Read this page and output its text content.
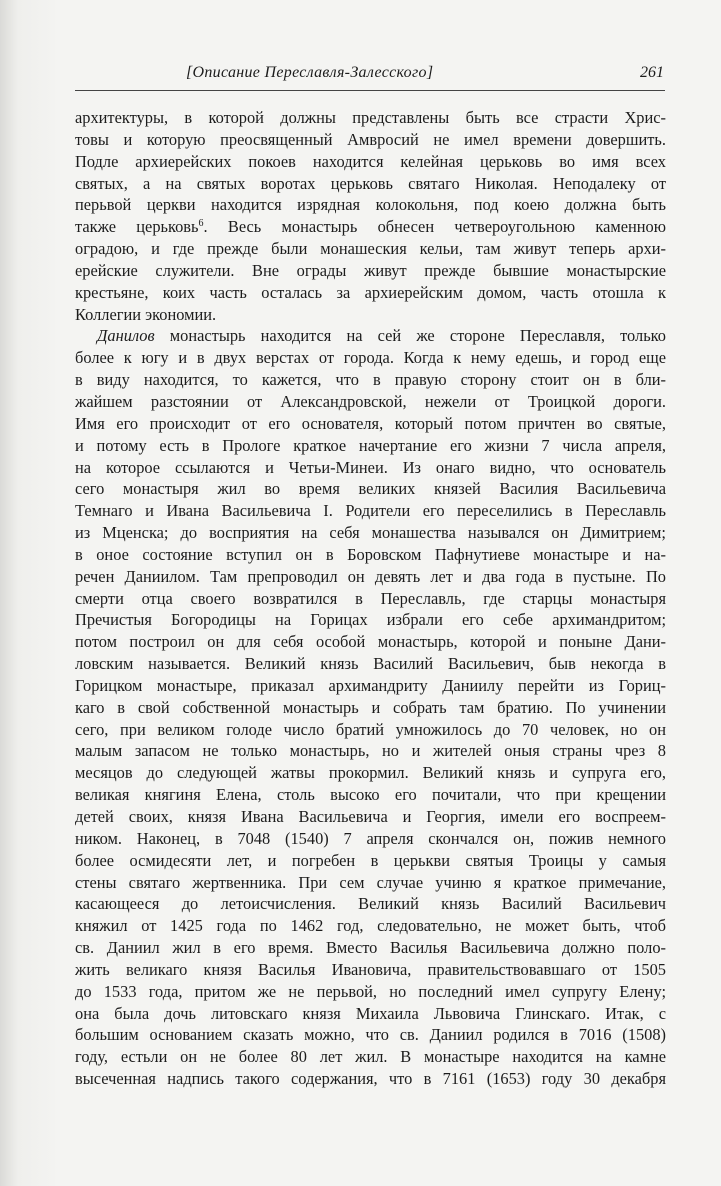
[Описание Переславля-Залесского]	261
архитектуры, в которой должны представлены быть все страсти Хрис-
товы и которую преосвященный Амвросий не имел времени довершить.
Подле архиерейских покоев находится келейная церьковь во имя всех
святых, а на святых воротах церьковь святаго Николая. Неподалеку от
перьвой церкви находится изрядная колокольня, под коею должна быть
также церьковь$^6$. Весь монастырь обнесен четвероугольною каменною
оградою, и где прежде были монашеския кельи, там живут теперь архи-
ерейские служители. Вне ограды живут прежде бывшие монастырские
крестьяне, коих часть осталась за архиерейским домом, часть отошла к
Коллегии экономии.
Данилов монастырь находится на сей же стороне Переславля, только
более к югу и в двух верстах от города. Когда к нему едешь, и город еще
в виду находится, то кажется, что в правую сторону стоит он в бли-
жайшем разстоянии от Александровской, нежели от Троицкой дороги.
Имя его происходит от его основателя, который потом причтен во святые,
и потому есть в Прологе краткое начертание его жизни 7 числа апреля,
на которое ссылаются и Четьи-Минеи. Из онаго видно, что основатель
сего монастыря жил во время великих князей Василия Васильевича
Темнаго и Ивана Васильевича I. Родители его переселились в Переславль
из Мценска; до восприятия на себя монашества назывался он Димитрием;
в оное состояние вступил он в Боровском Пафнутиеве монастыре и на-
речен Даниилом. Там препроводил он девять лет и два года в пустыне. По
смерти отца своего возвратился в Переславль, где старцы монастыря
Пречистыя Богородицы на Горицах избрали его себе архимандритом;
потом построил он для себя особой монастырь, которой и поныне Дани-
ловским называется. Великий князь Василий Васильевич, быв некогда в
Горицком монастыре, приказал архимандриту Даниилу перейти из Гориц-
каго в свой собственной монастырь и собрать там братию. По учинении
сего, при великом голоде число братий умножилось до 70 человек, но он
малым запасом не только монастырь, но и жителей оныя страны чрез 8
месяцов до следующей жатвы прокормил. Великий князь и супруга его,
великая княгиня Елена, столь высоко его почитали, что при крещении
детей своих, князя Ивана Васильевича и Георгия, имели его воспреем-
ником. Наконец, в 7048 (1540) 7 апреля скончался он, пожив немного
более осмидесяти лет, и погребен в церькви святыя Троицы у самыя
стены святаго жертвенника. При сем случае учиню я краткое примечание,
касающееся до летоисчисления. Великий князь Василий Васильевич
княжил от 1425 года по 1462 год, следовательно, не может быть, чтоб
св. Даниил жил в его время. Вместо Василья Васильевича должно поло-
жить великаго князя Василья Ивановича, правительствовавшаго от 1505
до 1533 года, притом же не перьвой, но последний имел супругу Елену;
она была дочь литовскаго князя Михаила Львовича Глинскаго. Итак, с
большим основанием сказать можно, что св. Даниил родился в 7016 (1508)
году, естьли он не более 80 лет жил. В монастыре находится на камне
высеченная надпись такого содержания, что в 7161 (1653) году 30 декабря
